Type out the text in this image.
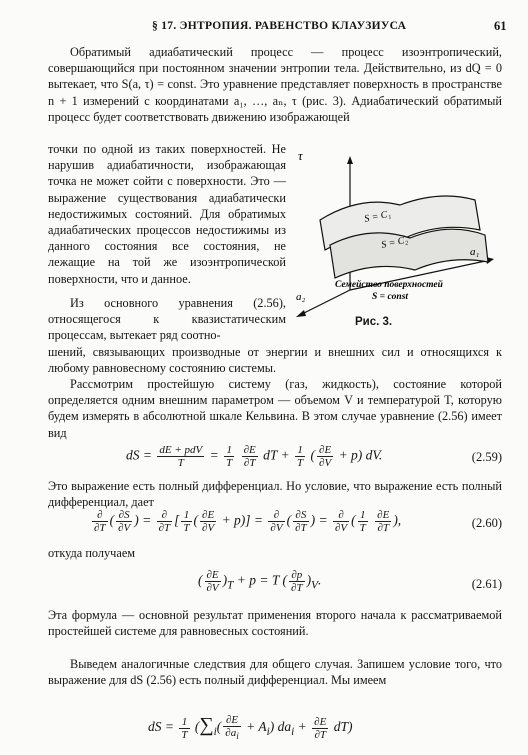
§ 17. ЭНТРОПИЯ. РАВЕНСТВО КЛАУЗИУСА	61

Обратимый адиабатический процесс — процесс изоэнтропический, совершающийся при постоянном значении энтропии тела. Действительно, из dQ = 0 вытекает, что S(a, τ) = const. Это уравнение представляет поверхность в пространстве n + 1 измерений с координатами a₁, …, aₙ, τ (рис. 3). Адиабатический обратимый процесс будет соответствовать движению изображающей

точки по одной из таких поверхностей. Не нарушив адиабатичности, изображающая точка не может сойти с поверхности. Это — выражение существования адиабатически недостижимых состояний. Для обратимых адиабатических процессов недостижимы из данного состояния все состояния, не лежащие на той же изоэнтропической поверхности, что и данное.

Из основного уравнения (2.56), относящегося к квазистатическим процессам, вытекает ряд соотно-

τ
a₁
a₂
S = C₁
S = C₂
Семейство поверхностей
S = const
Рис. 3.

шений, связывающих производные от энергии и внешних сил и относящихся к любому равновесному состоянию системы.

Рассмотрим простейшую систему (газ, жидкость), состояние которой определяется одним внешним параметром — объемом V и температурой T, которую будем измерять в абсолютной шкале Кельвина. В этом случае уравнение (2.56) имеет вид

dS = dE + pdV
T
= $\frac{1}{T}$
$\frac{\partial E}{\partial T}$ dT + $\frac{1}{T}$ ( $\frac{\partial E}{\partial V} + p$) dV.	(2.59)

Это выражение есть полный дифференциал. Но условие, что выражение есть полный дифференциал, дает

∂
∂T
( $\frac{\partial S}{\partial V}$ ) = ∂
∂T
[ $\frac{1}{T}$ ( $\frac{\partial E}{\partial V} + p$)] = ∂
∂V
( $\frac{\partial S}{\partial T}$ ) = ∂
∂V
( $\frac{1}{T}$
$\frac{\partial E}{\partial T}$ ),	(2.60)

откуда получаем

( $\frac{\partial E}{\partial V} )_T + p = T$ ( $\frac{\partial p}{\partial T} )_V$.	(2.61)

Эта формула — основной результат применения второго начала к рассматриваемой простейшей системе для равновесных состояний.

Выведем аналогичные следствия для общего случая. Запишем условие того, что выражение для dS (2.56) есть полный дифференциал. Мы имеем

dS = $\frac{1}{T} (\sum_i( \frac{\partial E}{\partial a_i} + A_i) da_i + \frac{\partial E}{\partial T} dT)$
